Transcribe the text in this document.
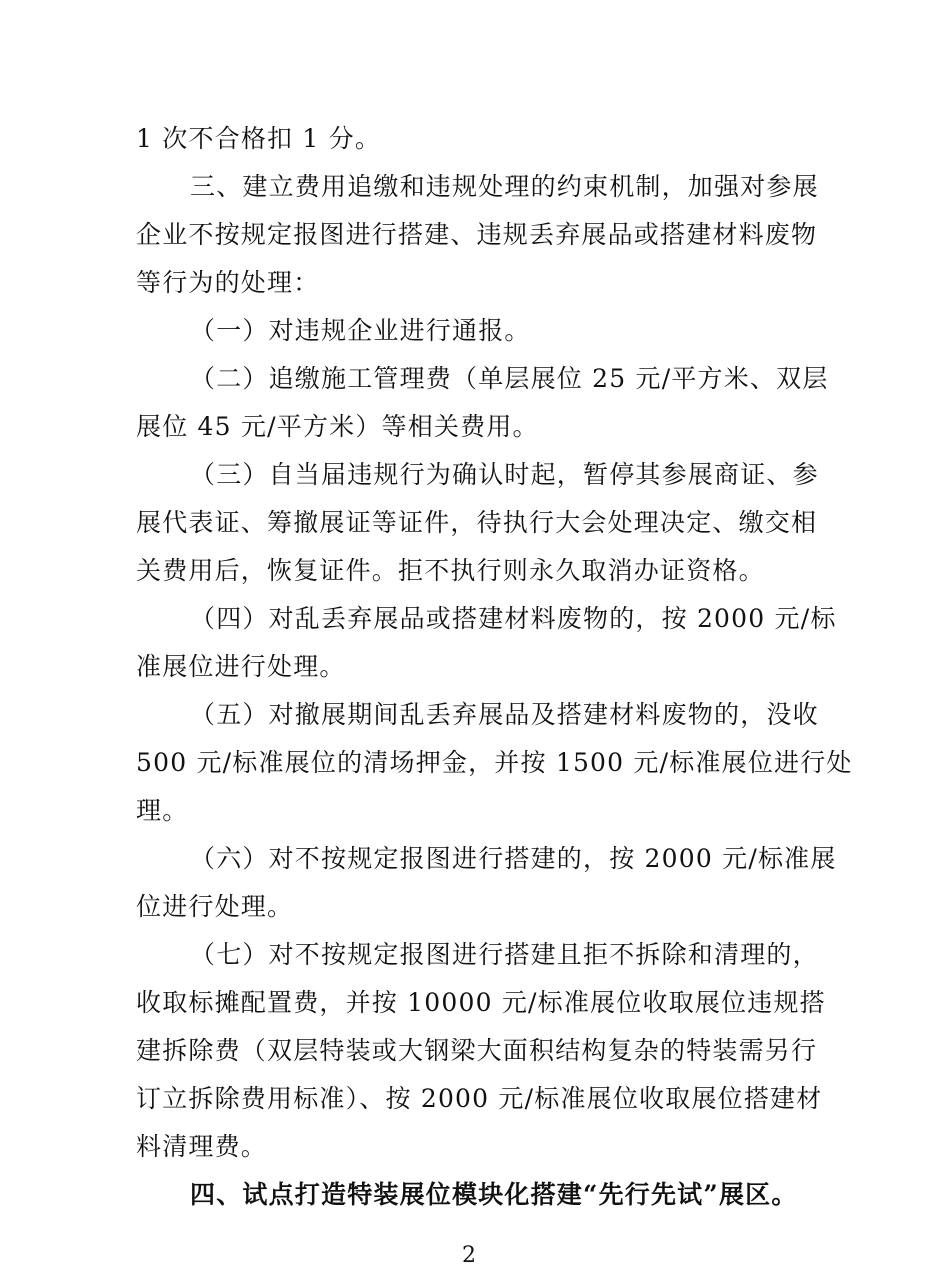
1 次不合格扣 1 分。
三、建立费用追缴和违规处理的约束机制，加强对参展
企业不按规定报图进行搭建、违规丢弃展品或搭建材料废物
等行为的处理：
（一）对违规企业进行通报。
（二）追缴施工管理费（单层展位 25 元/平方米、双层
展位 45 元/平方米）等相关费用。
（三）自当届违规行为确认时起，暂停其参展商证、参
展代表证、筹撤展证等证件，待执行大会处理决定、缴交相
关费用后，恢复证件。拒不执行则永久取消办证资格。
（四）对乱丢弃展品或搭建材料废物的，按 2000 元/标
准展位进行处理。
（五）对撤展期间乱丢弃展品及搭建材料废物的，没收
500 元/标准展位的清场押金，并按 1500 元/标准展位进行处
理。
（六）对不按规定报图进行搭建的，按 2000 元/标准展
位进行处理。
（七）对不按规定报图进行搭建且拒不拆除和清理的，
收取标摊配置费，并按 10000 元/标准展位收取展位违规搭
建拆除费（双层特装或大钢梁大面积结构复杂的特装需另行
订立拆除费用标准）、按 2000 元/标准展位收取展位搭建材
料清理费。
四、试点打造特装展位模块化搭建“先行先试”展区。
2
